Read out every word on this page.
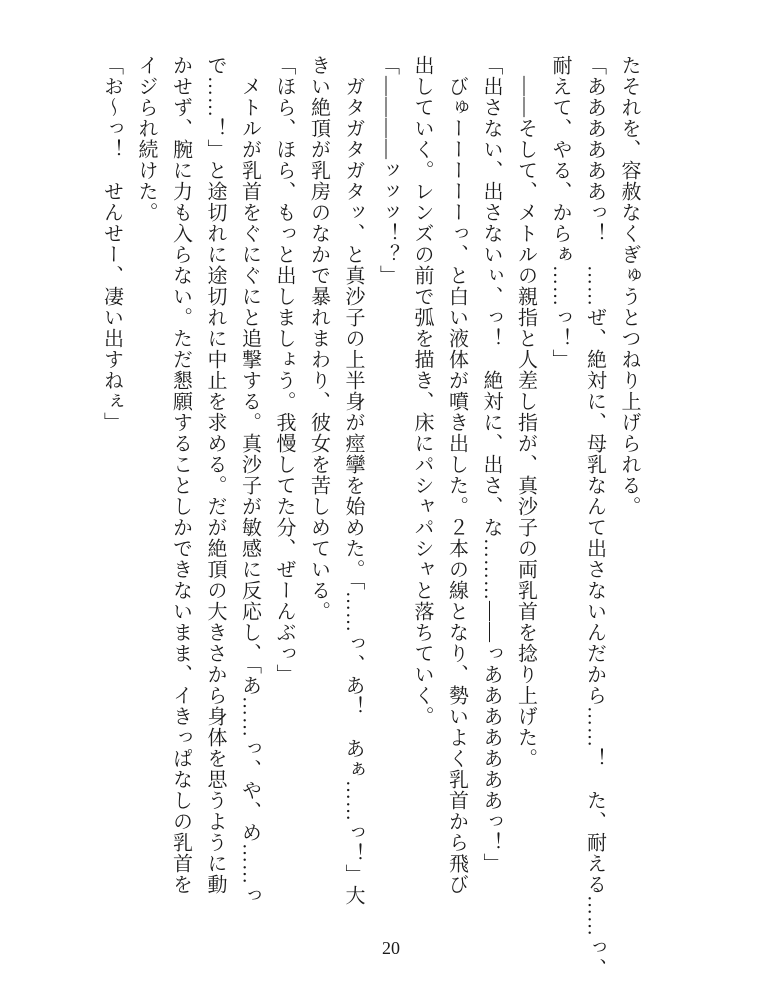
たそれを、容赦なくぎゅうとつねり上げられる。
「ああああああっ！　……ぜ、絶対に、母乳なんて出さないんだから……！　た、耐える……っ、
耐えて、やる、からぁ……っ！」
　――そして、メトルの親指と人差し指が、真沙子の両乳首を捻り上げた。
「出さない、出さないぃ、っ！　絶対に、出さ、な………――っあああああああっ！」
　びゅーーーーーっ、と白い液体が噴き出した。２本の線となり、勢いよく乳首から飛び
出していく。レンズの前で弧を描き、床にパシャパシャと落ちていく。
「――――ッッッ！？」
　ガタガタガタッ、と真沙子の上半身が痙攣を始めた。「……っ、あ！　あぁ……っ！」大
きい絶頂が乳房のなかで暴れまわり、彼女を苦しめている。
「ほら、ほら、もっと出しましょう。我慢してた分、ぜーんぶっ」
　メトルが乳首をぐにぐにと追撃する。真沙子が敏感に反応し、「あ……っ、や、め……っ
で……！」と途切れに途切れに中止を求める。だが絶頂の大きさから身体を思うように動
かせず、腕に力も入らない。ただ懇願することしかできないまま、イきっぱなしの乳首を
イジられ続けた。
「お〜っ！　せんせー、凄い出すねぇ」
20
